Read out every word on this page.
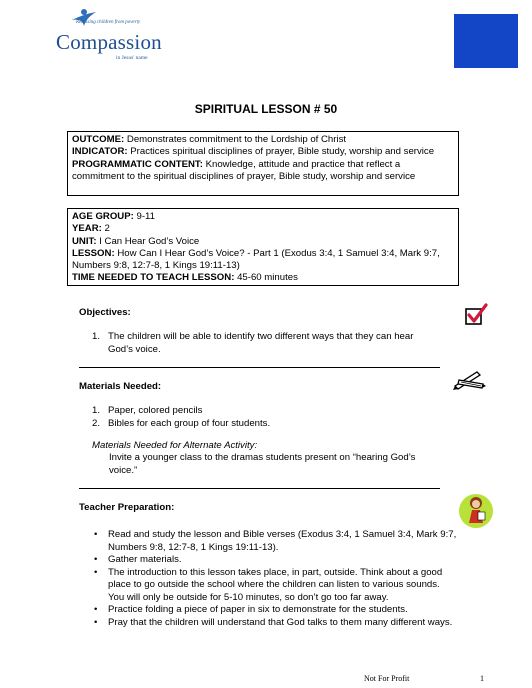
Releasing children from poverty
Compassion
in Jesus' name
SPIRITUAL LESSON # 50
OUTCOME: Demonstrates commitment to the Lordship of Christ
INDICATOR: Practices spiritual disciplines of prayer, Bible study, worship and service
PROGRAMMATIC CONTENT: Knowledge, attitude and practice that reflect a commitment to the spiritual disciplines of prayer, Bible study, worship and service
AGE GROUP: 9-11
YEAR: 2
UNIT: I Can Hear God’s Voice
LESSON: How Can I Hear God’s Voice? - Part 1 (Exodus 3:4, 1 Samuel 3:4, Mark 9:7, Numbers 9:8, 12:7-8, 1 Kings 19:11-13)
TIME NEEDED TO TEACH LESSON: 45-60 minutes
Objectives:
1. The children will be able to identify two different ways that they can hear God’s voice.
Materials Needed:
1. Paper, colored pencils
2. Bibles for each group of four students.
Materials Needed for Alternate Activity:
Invite a younger class to the dramas students present on “hearing God’s voice.”
Teacher Preparation:
• Read and study the lesson and Bible verses (Exodus 3:4, 1 Samuel 3:4, Mark 9:7, Numbers 9:8, 12:7-8, 1 Kings 19:11-13).
• Gather materials.
• The introduction to this lesson takes place, in part, outside. Think about a good place to go outside the school where the children can listen to various sounds. You will only be outside for 5-10 minutes, so don’t go too far away.
• Practice folding a piece of paper in six to demonstrate for the students.
• Pray that the children will understand that God talks to them many different ways.
Not For Profit	1
